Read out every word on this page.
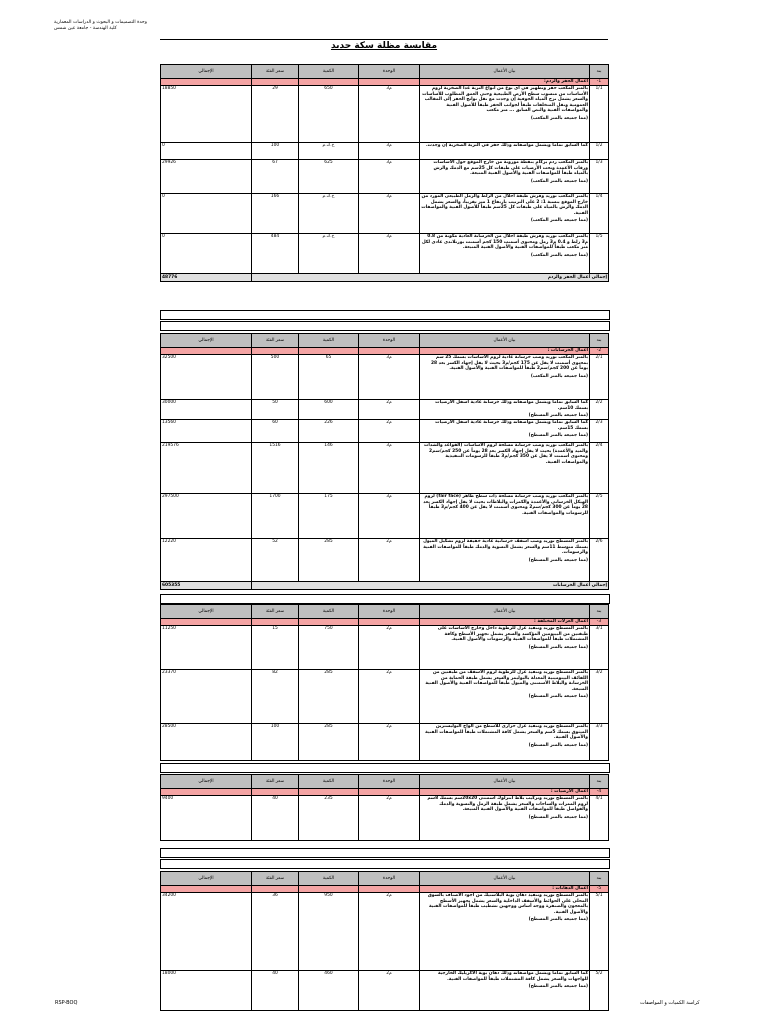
وحدة التصميمات و البحوث و الدراسات المعمارية
كلية الهندسة - جامعة عين شمس
مقايسة مظلة سكة حديد
بند	بيان الأعمال	الوحدة	الكمية	سعر الفئة	الإجمالي
1-	أعمال الحفر والردم:				
1/1	بالمتر المكعب حفر وتطهير في أى نوع من أنواع التربة عدا الصخرية لزوم الأساسات من منسوب سطح الأرض الطبيعية وحتى العمق المطلوب للأساسات والسعر يشمل نزح المياه الجوفية إن وجدت مع نقل نواتج الحفر إلى المقالب العمومية ونقل المتخلفات طبقاً لجوانب الحفر طبقاً للأصول الفنية والمواصفات الفنية والنص السابق ... متر مكعب
(مما جميعه بالمتر المكعب)	م3	650	29	18850
1/2	كما السابق تماماً ويشمل مواصفاته وذلك حفر في التربة الصخرية إن وجدت.	م3	خ.ك.م	100	0
1/3	بالمتر المكعب ردم بركام بنقطة موزونة من خارج الموقع حول الأساسات ورقاب الأعمدة وتحت الأرضيات على طبقات كل 25سم مع الدمك والرش بالمياه طبقاً للمواصفات الفنية والأصول الفنية المتبعة.
(مما جميعه بالمتر المكعب)	م3	625	67	29926
1/4	بالمتر المكعب توريد وفرش طبقة احلال من الزلط والرمل الطبيعى المورد من خارج الموقع بنسبة 1: 2 على الترتيب بارتفاع 1 متر تقريباً، والسعر يشمل الدمك والرش بالمياه على طبقات كل 25سم طبقاً للأصول الفنية والمواصفات الفنية.
(مما جميعه بالمتر المكعب)	م3	خ.ك.م	166	0
1/5	بالمتر المكعب توريد وفرش طبقة احلال من الخرسانة العادية مكونة من 0.8 م3 زلط و 0.4 م3 رمل ومحتوى أسمنت 150 كجم أسمنت بورتلاندى عادى لكل متر مكعب طبقاً للمواصفات الفنية والأصول الفنية المتبعة.
(مما جميعه بالمتر المكعب)	م3	خ.ك.م	484	0
إجمالي أعمال الحفر والردم					48776
بند	بيان الأعمال	الوحدة	الكمية	سعر الفئة	الإجمالي
2-	أعمال الخرسانات :				
2/1	بالمتر المكعب توريد وصب خرسانة عادية لزوم الأساسات بسمك 25 سم بمحتوى أسمنت لا يقل عن 175 كجم/م3 بحيث لا يقل إجهاد الكسر بعد 28 يوماً عن 200 كجم/سم2 طبقاً للمواصفات الفنية والأصول الفنية.
(مما جميعه بالمتر المكعب)	م3	65	500	32500
2/2	كما السابق تماماً ويشمل مواصفاته وذلك خرسانة عادية أسفل الأرضيات بسمك 10سم.
(مما جميعه بالمتر المسطح)	م2	600	50	30000
2/3	كما السابق تماماً ويشمل مواصفاته وذلك خرسانة عادية أسفل الأرضيات بسمك 15سم.
(مما جميعه بالمتر المسطح)	م2	226	60	13560
2/4	بالمتر المكعب توريد وصب خرسانة مسلحة لزوم الأساسات (القواعد والشدات والميد والأعمدة) بحيث لا يقل إجهاد الكسر بعد 28 يوماً عن 250 كجم/سم2 ومحتوى أسمنت لا يقل عن 350 كجم/م3 طبقاً للرسومات التنفيذية والمواصفات الفنية.	م3	146	1516	219576
2/5	بالمتر المكعب توريد وصب خرسانة مسلحة ذات سطح ظاهر (fair face) لزوم الهيكل الخرسانى والأعمدة والكمرات والبلاطات بحيث لا يقل إجهاد الكسر بعد 28 يوماً عن 300 كجم/سم2 ومحتوى أسمنت لا يقل عن 400 كجم/م3 طبقاً للرسومات والمواصفات الفنية.	م3	175	1700	297500
2/6	بالمتر المسطح توريد وصب أسقف خرسانية عادية خفيفة لزوم تشكيل الميول بسمك متوسط 11سم والسعر يشمل التسوية والدمك طبقاً للمواصفات الفنية والرسومات.
(مما جميعه بالمتر المسطح)	م2	285	52	12220
إجمالي أعمال الخرسانات					605355
بند	بيان الأعمال	الوحدة	الكمية	سعر الفئة	الإجمالي
3-	أعمال العزلات المختلفة :				
3/1	بالمتر المسطح توريد وتنفيذ عزل للرطوبة داخل وخارج الأساسات على طبقتين من البيتومين المؤكسد والسعر يشمل تجهيز الأسطح وكافة المشتملات طبقاً للمواصفات الفنية والرسومات والأصول الفنية.
(مما جميعه بالمتر المسطح)	م2	750	15	11250
3/2	بالمتر المسطح توريد وتنفيذ عزل للرطوبة لزوم الأسقف من طبقتين من اللفائف البيتومينية المعدلة بالبوليمر والسعر يشمل طبقة الحماية من الخرسانة والبلاط الأسمنتى والميول طبقاً للمواصفات الفنية والأصول الفنية المتبعة.
(مما جميعه بالمتر المسطح)	م2	285	82	23370
3/3	بالمتر المسطح توريد وتنفيذ عزل حرارى للأسطح من ألواح البوليسترين المبثوق بسمك 5سم والسعر يشمل كافة المشتملات طبقاً للمواصفات الفنية والأصول الفنية.
(مما جميعه بالمتر المسطح)	م2	285	100	28500
بند	بيان الأعمال	الوحدة	الكمية	سعر الفئة	الإجمالي
4-	أعمال الأرضيات :				
4/1	بالمتر المسطح توريد وتركيب بلاط انترلوك أسمنتى 20x20سم بسمك 8سم لزوم الممرات والساحات والسعر يشمل طبقة الرمل والتسوية والدمك والفواصل طبقاً للمواصفات الفنية والأصول الفنية المتبعة.
(مما جميعه بالمتر المسطح)	م2	235	40	9400
بند	بيان الأعمال	الوحدة	الكمية	سعر الفئة	الإجمالي
5-	أعمال الدهانات :				
5/1	بالمتر المسطح توريد وتنفيذ دهان بوية البلاستيك من أجود الأصناف بالسوق المحلى على الحوائط والأسقف الداخلية والسعر يشمل تجهيز الأسطح بالمعجون والصنفرة ووجه أساس ووجهين تشطيب طبقاً للمواصفات الفنية والأصول الفنية.
(مما جميعه بالمتر المسطح)	م2	950	36	34200
5/2	كما السابق تماماً ويشمل مواصفاته وذلك دهان بوية الأكريليك الخارجية للواجهات والسعر يشمل كافة المشتملات طبقاً للمواصفات الفنية.
(مما جميعه بالمتر المسطح)	م2	460	40	18000
RSP-BOQ	كراسة الكميات و المواصفات
